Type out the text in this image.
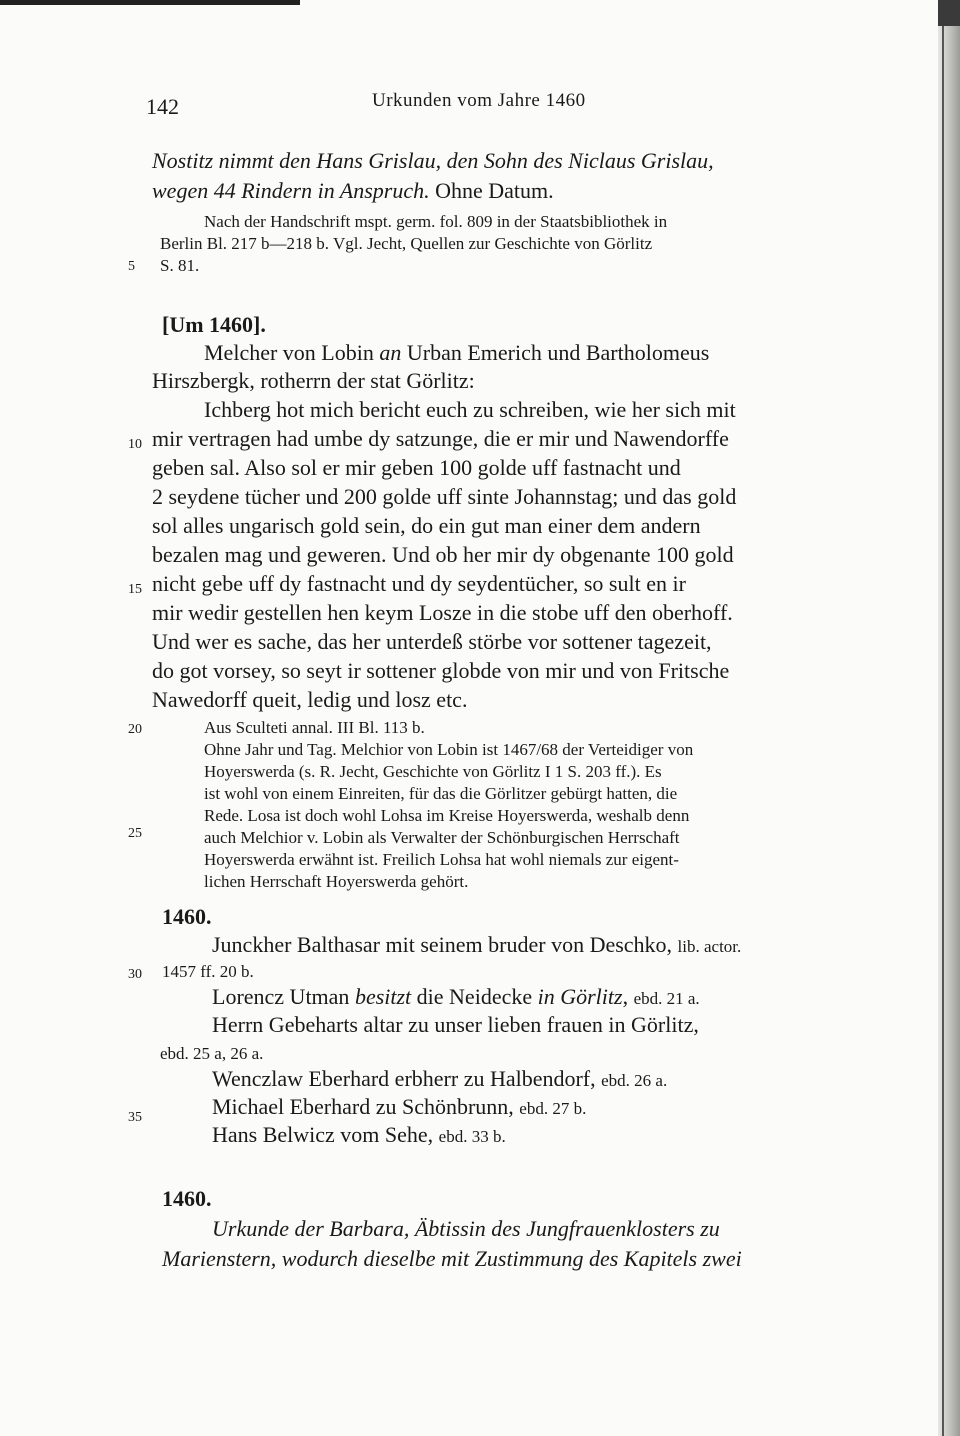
142	Urkunden vom Jahre 1460
Nostitz nimmt den Hans Grislau, den Sohn des Niclaus Grislau,
wegen 44 Rindern in Anspruch. Ohne Datum.
Nach der Handschrift mspt. germ. fol. 809 in der Staatsbibliothek in
Berlin Bl. 217 b—218 b. Vgl. Jecht, Quellen zur Geschichte von Görlitz
S. 81.
5
[Um 1460].
Melcher von Lobin an Urban Emerich und Bartholomeus
Hirszbergk, rotherrn der stat Görlitz:
Ichberg hot mich bericht euch zu schreiben, wie her sich mit
10 mir vertragen had umbe dy satzunge, die er mir und Nawendorffe
geben sal. Also sol er mir geben 100 golde uff fastnacht und
2 seydene tücher und 200 golde uff sinte Johannstag; und das gold
sol alles ungarisch gold sein, do ein gut man einer dem andern
bezalen mag und geweren. Und ob her mir dy obgenante 100 gold
15 nicht gebe uff dy fastnacht und dy seydentücher, so sult en ir
mir wedir gestellen hen keym Losze in die stobe uff den oberhoff.
Und wer es sache, das her unterdeß störbe vor sottener tagezeit,
do got vorsey, so seyt ir sottener globde von mir und von Fritsche
Nawedorff queit, ledig und losz etc.
20	Aus Sculteti annal. III Bl. 113 b.
Ohne Jahr und Tag. Melchior von Lobin ist 1467/68 der Verteidiger von
Hoyerswerda (s. R. Jecht, Geschichte von Görlitz I 1 S. 203 ff.). Es
ist wohl von einem Einreiten, für das die Görlitzer gebürgt hatten, die
Rede. Losa ist doch wohl Lohsa im Kreise Hoyerswerda, weshalb denn
25	auch Melchior v. Lobin als Verwalter der Schönburgischen Herrschaft
Hoyerswerda erwähnt ist. Freilich Lohsa hat wohl niemals zur eigent-
lichen Herrschaft Hoyerswerda gehört.
1460.
Junckher Balthasar mit seinem bruder von Deschko, lib. actor.
30 1457 ff. 20 b.
Lorencz Utman besitzt die Neidecke in Görlitz, ebd. 21 a.
Herrn Gebeharts altar zu unser lieben frauen in Görlitz,
ebd. 25 a, 26 a.
Wenczlaw Eberhard erbherr zu Halbendorf, ebd. 26 a.
35	Michael Eberhard zu Schönbrunn, ebd. 27 b.
Hans Belwicz vom Sehe, ebd. 33 b.
1460.
Urkunde der Barbara, Äbtissin des Jungfrauenklosters zu
Marienstern, wodurch dieselbe mit Zustimmung des Kapitels zwei
